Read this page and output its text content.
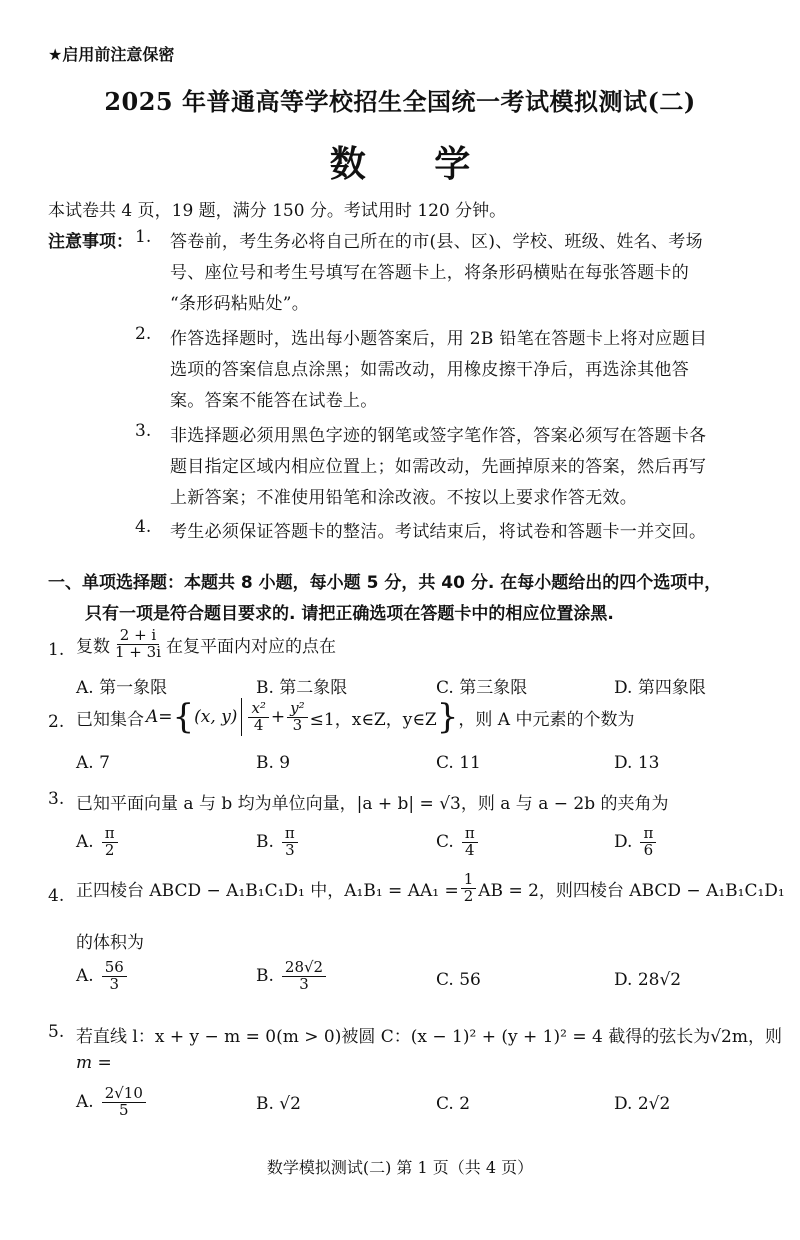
★启用前注意保密
2025 年普通高等学校招生全国统一考试模拟测试(二)
数 学
本试卷共 4 页，19 题，满分 150 分。考试用时 120 分钟。
注意事项： 1. 答卷前，考生务必将自己所在的市(县、区)、学校、班级、姓名、考场
号、座位号和考生号填写在答题卡上，将条形码横贴在每张答题卡的
“条形码粘贴处”。
2. 作答选择题时，选出每小题答案后，用 2B 铅笔在答题卡上将对应题目
选项的答案信息点涂黑；如需改动，用橡皮擦干净后，再选涂其他答
案。答案不能答在试卷上。
3. 非选择题必须用黑色字迹的钢笔或签字笔作答，答案必须写在答题卡各
题目指定区域内相应位置上；如需改动，先画掉原来的答案，然后再写
上新答案；不准使用铅笔和涂改液。不按以上要求作答无效。
4. 考生必须保证答题卡的整洁。考试结束后，将试卷和答题卡一并交回。
一、单项选择题：本题共 8 小题，每小题 5 分，共 40 分. 在每小题给出的四个选项中，
只有一项是符合题目要求的. 请把正确选项在答题卡中的相应位置涂黑.
1. 复数 $\frac{2 + i}{1 + 3i}$ 在复平面内对应的点在
A. 第一象限	B. 第二象限	C. 第三象限	D. 第四象限
2. 已知集合 A = { (x, $y) \frac{\text{x²}}{4} + \frac{\text{y²}}{3} \le 1$，x∈Z，y∈Z } ，则 A 中元素的个数为
A. 7	B. 9	C. 11	D. 13
3. 已知平面向量 a 与 b 均为单位向量，|a + b| = √3，则 a 与 a − 2b 的夹角为
A. $\frac{\pi}{2}$	B. $\frac{\pi}{3}$	C. $\frac{\pi}{4}$	D. $\frac{\pi}{6}$
4. 正四棱台 ABCD − A₁B₁C₁D₁ 中，$A_1B_1 = AA_1 = \frac{1}{2}$ AB = 2，则四棱台 ABCD − A₁B₁C₁D₁
的体积为
A. $\frac{56}{3}$	B. $\frac{28√2}{3}$	C. 56	D. 28√2
5. 若直线 l：x + y − m = 0(m > 0)被圆 C：(x − 1)² + (y + 1)² = 4 截得的弦长为√2m，则
m =
A. $\frac{2√10}{5}$	B. √2	C. 2	D. 2√2
数学模拟测试(二) 第 1 页（共 4 页）
